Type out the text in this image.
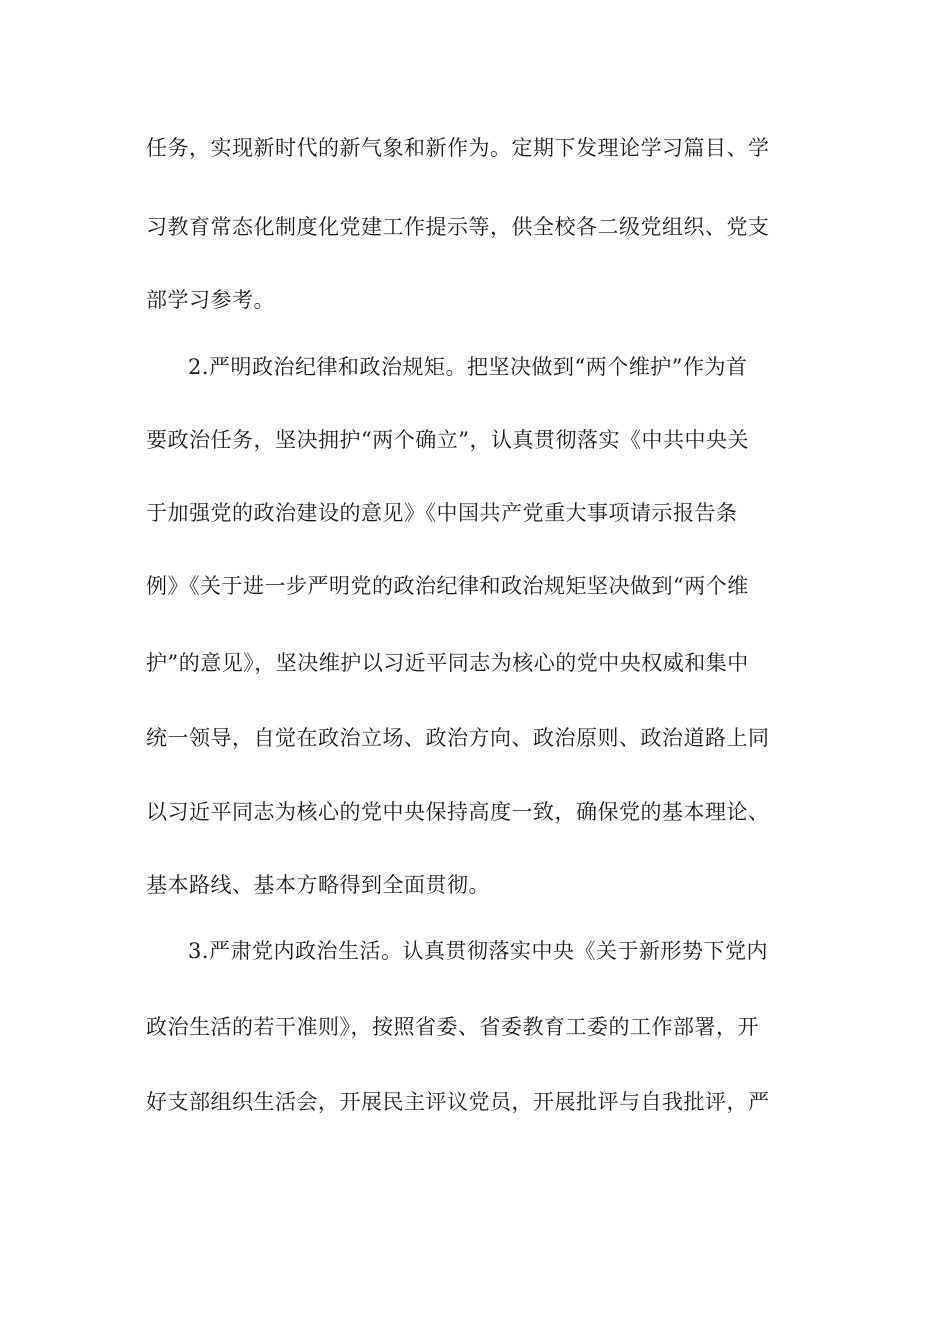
任务，实现新时代的新气象和新作为。定期下发理论学习篇目、学
习教育常态化制度化党建工作提示等，供全校各二级党组织、党支
部学习参考。
2.严明政治纪律和政治规矩。把坚决做到“两个维护”作为首
要政治任务，坚决拥护“两个确立”，认真贯彻落实《中共中央关
于加强党的政治建设的意见》《中国共产党重大事项请示报告条
例》《关于进一步严明党的政治纪律和政治规矩坚决做到“两个维
护”的意见》，坚决维护以习近平同志为核心的党中央权威和集中
统一领导，自觉在政治立场、政治方向、政治原则、政治道路上同
以习近平同志为核心的党中央保持高度一致，确保党的基本理论、
基本路线、基本方略得到全面贯彻。
3.严肃党内政治生活。认真贯彻落实中央《关于新形势下党内
政治生活的若干准则》，按照省委、省委教育工委的工作部署，开
好支部组织生活会，开展民主评议党员，开展批评与自我批评，严
